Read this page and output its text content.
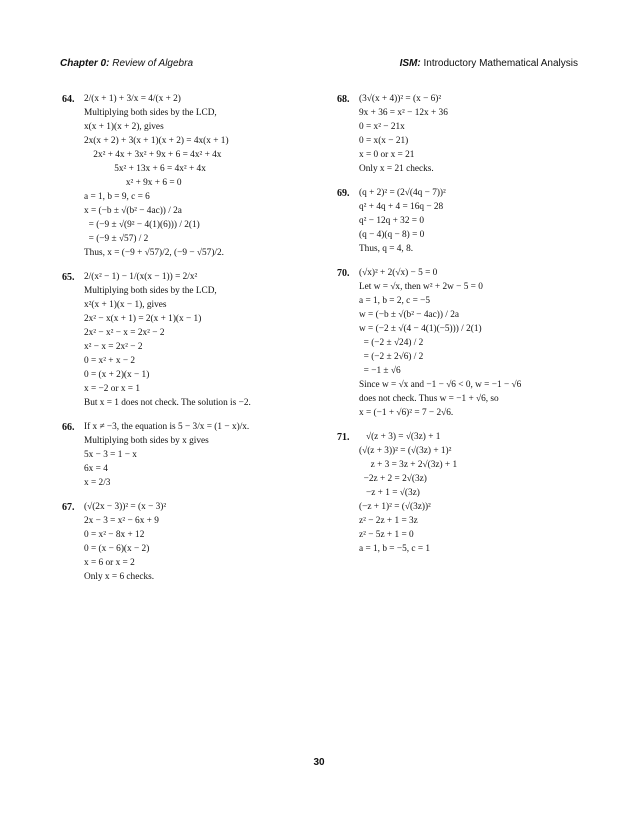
Chapter 0: Review of Algebra	ISM: Introductory Mathematical Analysis
64. 2/(x + 1) + 3/x = 4/(x + 2)
Multiplying both sides by the LCD,
x(x + 1)(x + 2), gives
2x(x + 2) + 3(x + 1)(x + 2) = 4x(x + 1)
2x² + 4x + 3x² + 9x + 6 = 4x² + 4x
5x² + 13x + 6 = 4x² + 4x
x² + 9x + 6 = 0
a = 1, b = 9, c = 6
x = (−b ± √(b² − 4ac)) / 2a
= (−9 ± √(9² − 4(1)(6))) / 2(1)
= (−9 ± √57) / 2
Thus, x = (−9 + √57)/2, (−9 − √57)/2.
65. 2/(x² − 1) − 1/(x(x − 1)) = 2/x²
Multiplying both sides by the LCD,
x²(x + 1)(x − 1), gives
2x² − x(x + 1) = 2(x + 1)(x − 1)
2x² − x² − x = 2x² − 2
x² − x = 2x² − 2
0 = x² + x − 2
0 = (x + 2)(x − 1)
x = −2 or x = 1
But x = 1 does not check. The solution is −2.
66. If x ≠ −3, the equation is 5 − 3/x = (1 − x)/x.
Multiplying both sides by x gives
5x − 3 = 1 − x
6x = 4
x = 2/3
67. (√(2x − 3))² = (x − 3)²
2x − 3 = x² − 6x + 9
0 = x² − 8x + 12
0 = (x − 6)(x − 2)
x = 6 or x = 2
Only x = 6 checks.
68. (3√(x + 4))² = (x − 6)²
9x + 36 = x² − 12x + 36
0 = x² − 21x
0 = x(x − 21)
x = 0 or x = 21
Only x = 21 checks.
69. (q + 2)² = (2√(4q − 7))²
q² + 4q + 4 = 16q − 28
q² − 12q + 32 = 0
(q − 4)(q − 8) = 0
Thus, q = 4, 8.
70. (√x)² + 2(√x) − 5 = 0
Let w = √x, then w² + 2w − 5 = 0
a = 1, b = 2, c = −5
w = (−b ± √(b² − 4ac)) / 2a
w = (−2 ± √(4 − 4(1)(−5))) / 2(1)
= (−2 ± √24) / 2
= (−2 ± 2√6) / 2
= −1 ± √6
Since w = √x and −1 − √6 < 0, w = −1 − √6
does not check. Thus w = −1 + √6, so
x = (−1 + √6)² = 7 − 2√6.
71. √(z + 3) = √(3z) + 1
(√(z + 3))² = (√(3z) + 1)²
z + 3 = 3z + 2√(3z) + 1
−2z + 2 = 2√(3z)
−z + 1 = √(3z)
(−z + 1)² = (√(3z))²
z² − 2z + 1 = 3z
z² − 5z + 1 = 0
a = 1, b = −5, c = 1
30
